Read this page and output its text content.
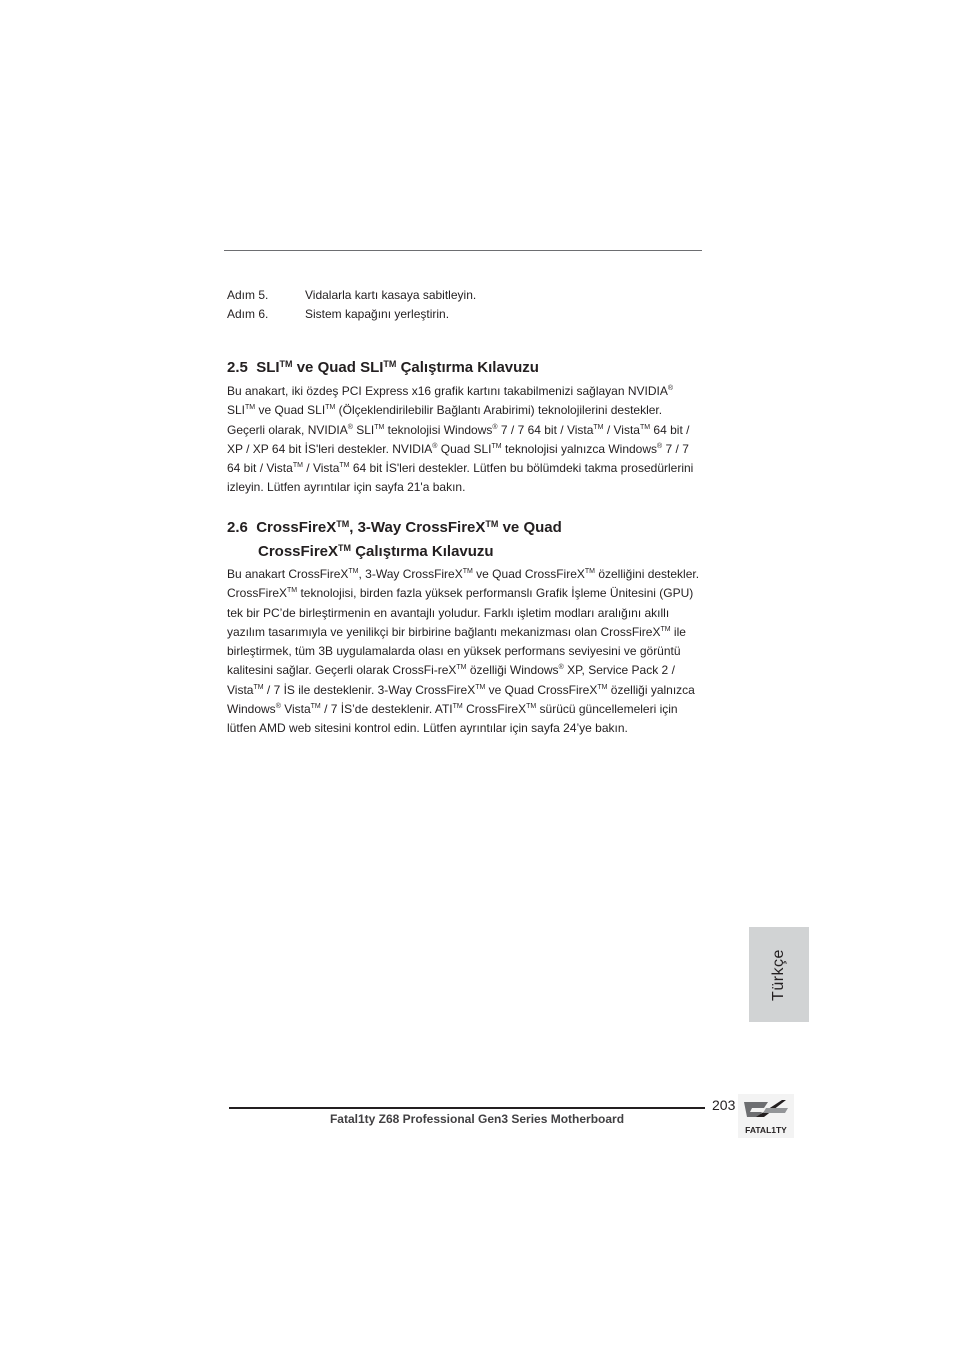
Adım 5.	Vidalarla kartı kasaya sabitleyin.
Adım 6.	Sistem kapağını yerleştirin.
2.5 SLI™ ve Quad SLI™ Çalıştırma Kılavuzu
Bu anakart, iki özdeş PCI Express x16 grafik kartını takabilmenizi sağlayan NVIDIA®
SLI™ ve Quad SLI™ (Ölçeklendirilebilir Bağlantı Arabirimi) teknolojilerini destekler. Geçerli olarak, NVIDIA® SLI™ teknolojisi Windows® 7 / 7 64 bit / Vista™ / Vista™ 64 bit / XP / XP 64 bit İS'leri destekler. NVIDIA® Quad SLI™ teknolojisi yalnızca Windows® 7 / 7 64 bit / Vista™ / Vista™ 64 bit İS'leri destekler. Lütfen bu bölümdeki takma prosedürlerini izleyin. Lütfen ayrıntılar için sayfa 21'a bakın.
2.6 CrossFireX™, 3-Way CrossFireX™ ve Quad
CrossFireX™ Çalıştırma Kılavuzu
Bu anakart CrossFireX™, 3-Way CrossFireX™ ve Quad CrossFireX™ özelliğini destekler. CrossFireX™ teknolojisi, birden fazla yüksek performanslı Grafik İşleme Ünitesini (GPU) tek bir PC’de birleştirmenin en avantajlı yoludur. Farklı işletim modları aralığını akıllı yazılım tasarımıyla ve yenilikçi bir birbirine bağlantı mekanizması olan CrossFireX™ ile birleştirmek, tüm 3B uygulamalarda olası en yüksek performans seviyesini ve görüntü kalitesini sağlar. Geçerli olarak CrossFi-reX™ özelliği Windows® XP, Service Pack 2 / Vista™ / 7 İS ile desteklenir. 3-Way CrossFireX™ ve Quad CrossFireX™ özelliği yalnızca Windows® Vista™ / 7 İS’de desteklenir. ATI™ CrossFireX™ sürücü güncellemeleri için lütfen AMD web sitesini kontrol edin. Lütfen ayrıntılar için sayfa 24’ye bakın.
Türkçe
203
Fatal1ty Z68 Professional Gen3 Series Motherboard
FATAL1TY
